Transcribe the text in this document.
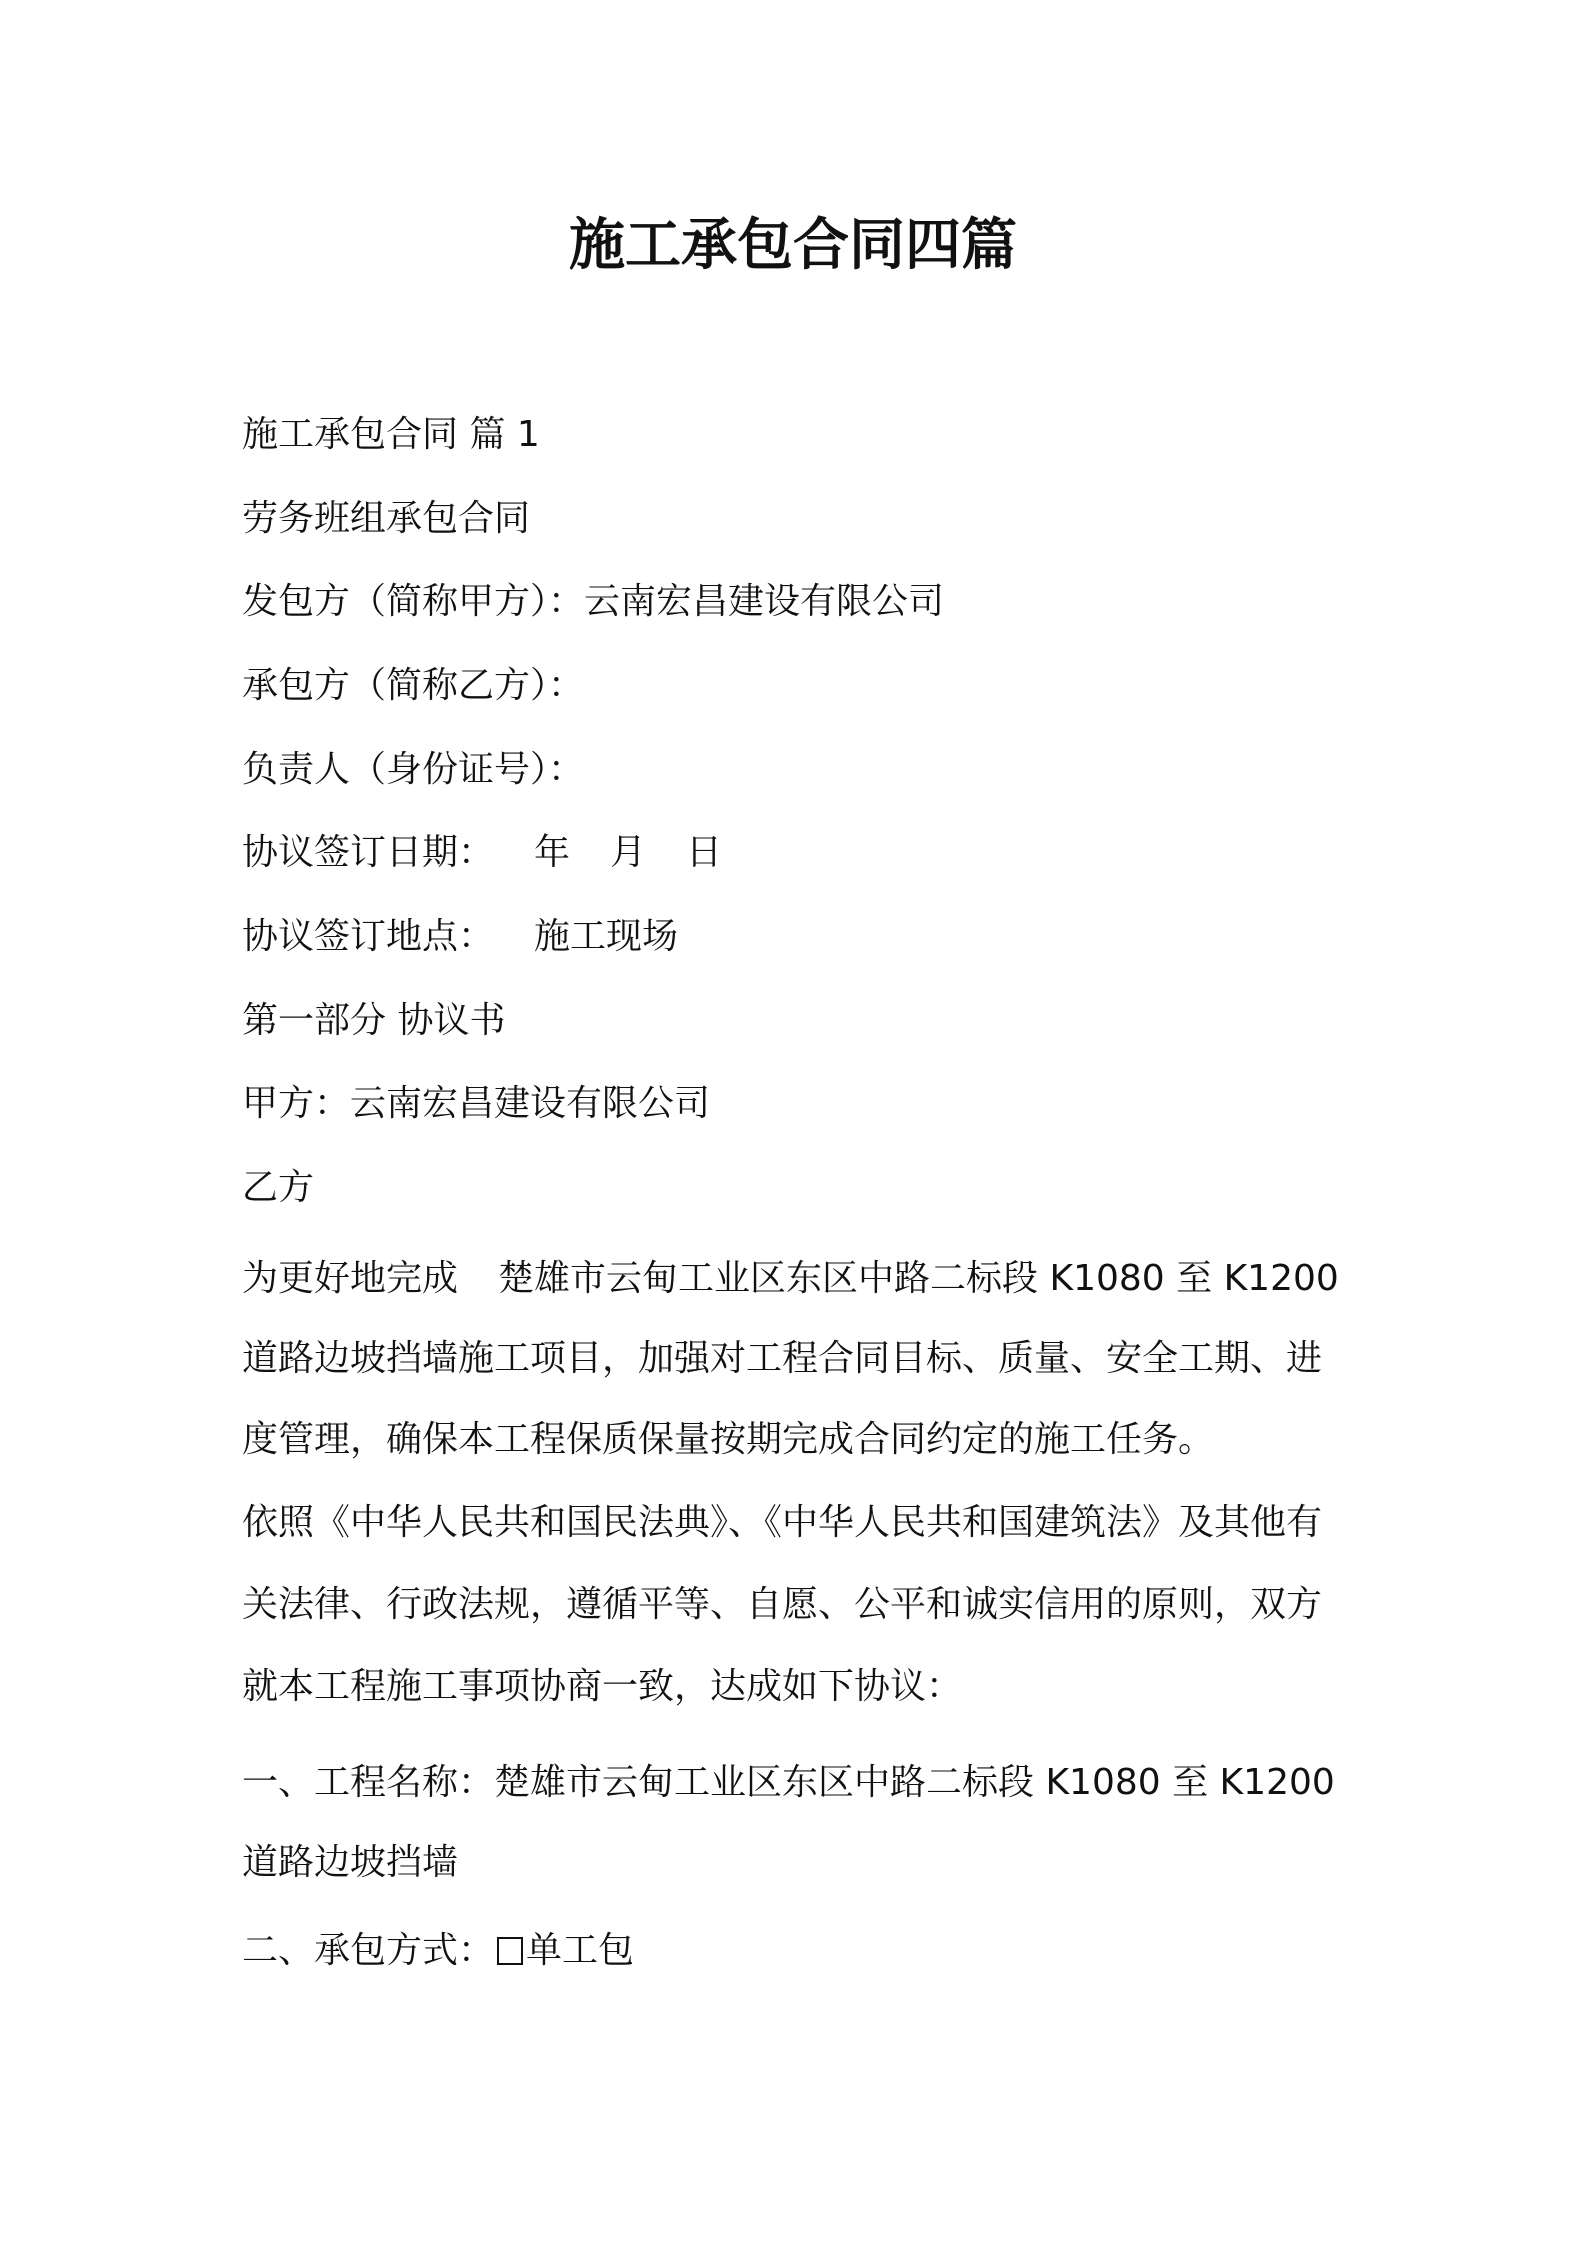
施工承包合同四篇
施工承包合同 篇 1
劳务班组承包合同
发包方（简称甲方）：云南宏昌建设有限公司
承包方（简称乙方）：
负责人（身份证号）：
协议签订日期： 年 月 日
协议签订地点： 施工现场
第一部分 协议书
甲方：云南宏昌建设有限公司
乙方
为更好地完成 楚雄市云甸工业区东区中路二标段 K1080 至 K1200
道路边坡挡墙施工项目，加强对工程合同目标、质量、安全工期、进
度管理，确保本工程保质保量按期完成合同约定的施工任务。
依照《中华人民共和国民法典》、《中华人民共和国建筑法》及其他有
关法律、行政法规，遵循平等、自愿、公平和诚实信用的原则，双方
就本工程施工事项协商一致，达成如下协议：
一、工程名称：楚雄市云甸工业区东区中路二标段 K1080 至 K1200
道路边坡挡墙
二、承包方式： 单工包
